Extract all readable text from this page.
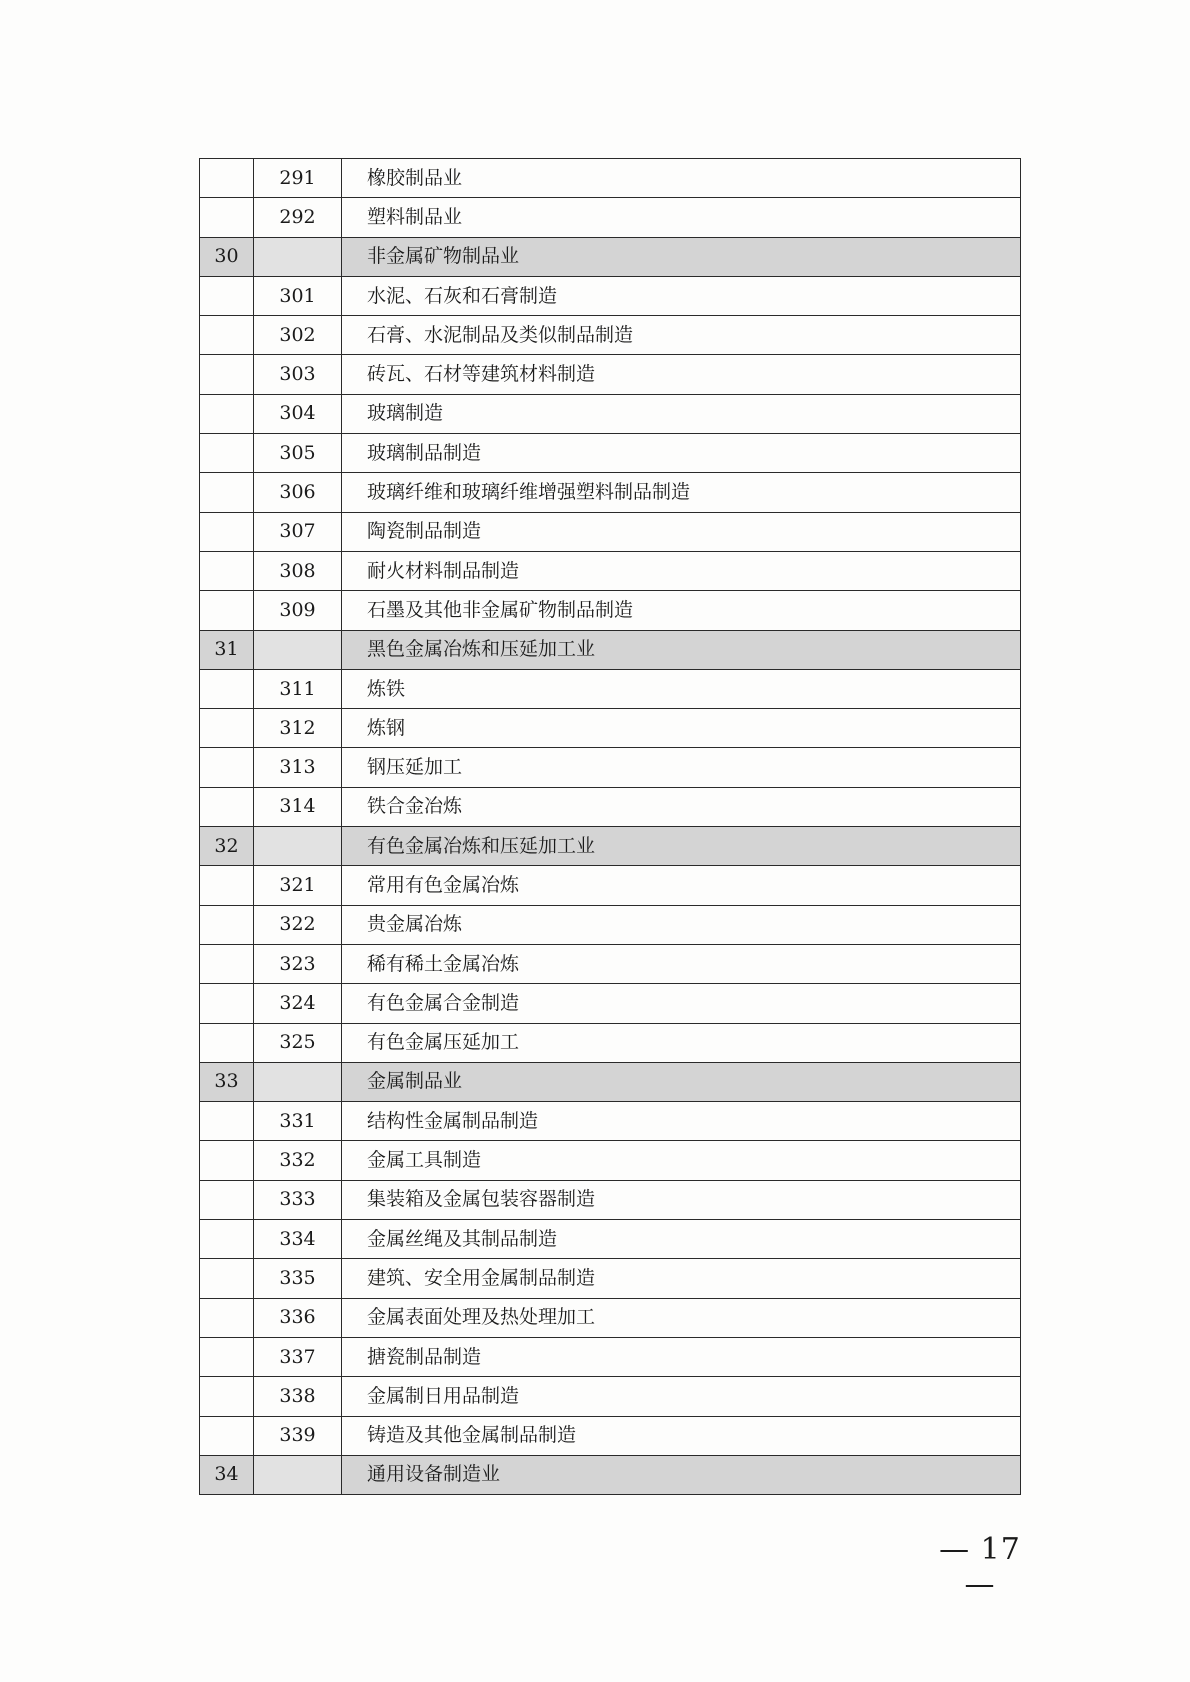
	291	橡胶制品业
	292	塑料制品业
30		非金属矿物制品业
	301	水泥、石灰和石膏制造
	302	石膏、水泥制品及类似制品制造
	303	砖瓦、石材等建筑材料制造
	304	玻璃制造
	305	玻璃制品制造
	306	玻璃纤维和玻璃纤维增强塑料制品制造
	307	陶瓷制品制造
	308	耐火材料制品制造
	309	石墨及其他非金属矿物制品制造
31		黑色金属冶炼和压延加工业
	311	炼铁
	312	炼钢
	313	钢压延加工
	314	铁合金冶炼
32		有色金属冶炼和压延加工业
	321	常用有色金属冶炼
	322	贵金属冶炼
	323	稀有稀土金属冶炼
	324	有色金属合金制造
	325	有色金属压延加工
33		金属制品业
	331	结构性金属制品制造
	332	金属工具制造
	333	集装箱及金属包装容器制造
	334	金属丝绳及其制品制造
	335	建筑、安全用金属制品制造
	336	金属表面处理及热处理加工
	337	搪瓷制品制造
	338	金属制日用品制造
	339	铸造及其他金属制品制造
34		通用设备制造业
— 17 —
